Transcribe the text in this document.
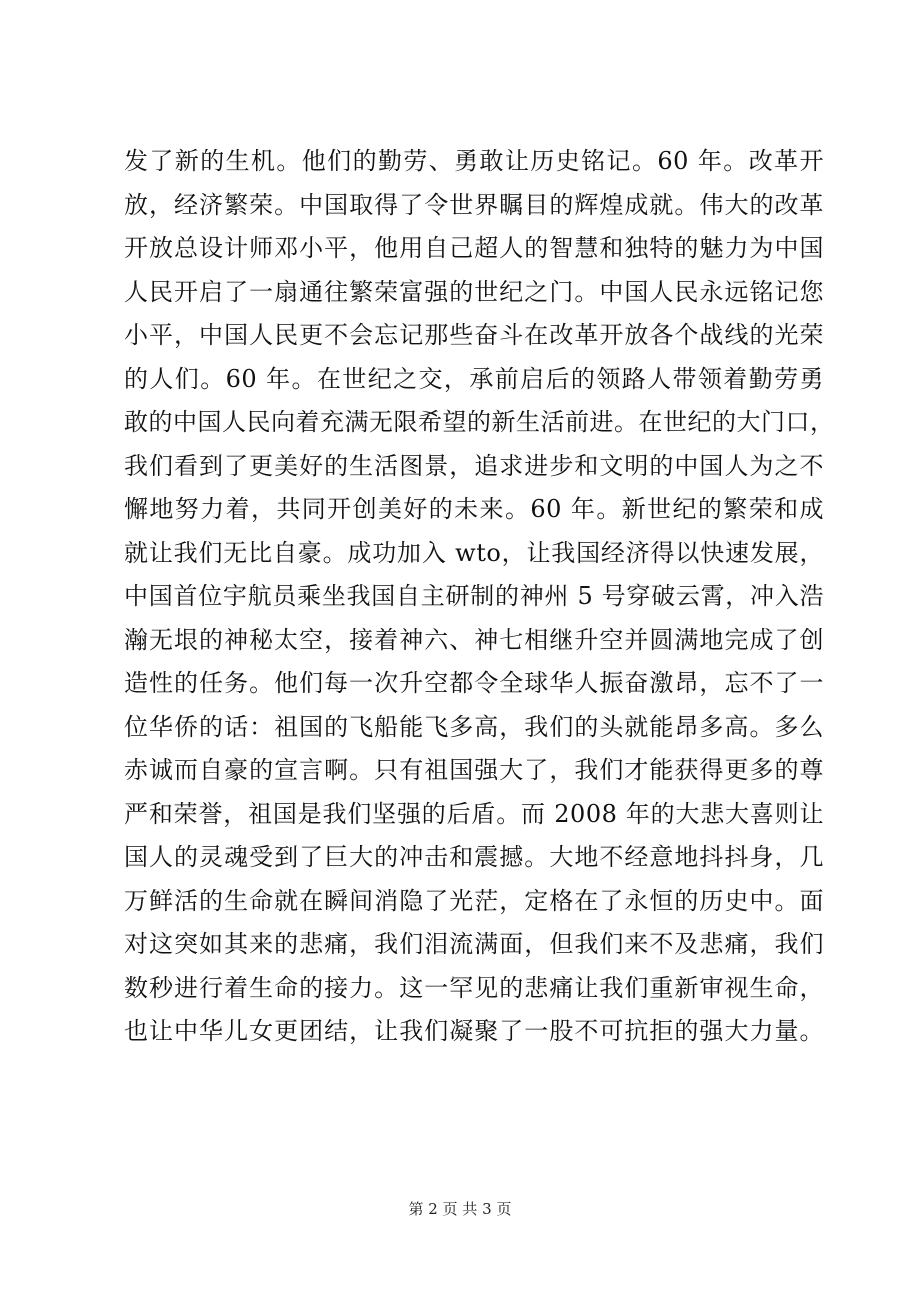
发了新的生机。他们的勤劳、勇敢让历史铭记。60 年。改革开
放，经济繁荣。中国取得了令世界瞩目的辉煌成就。伟大的改革
开放总设计师邓小平，他用自己超人的智慧和独特的魅力为中国
人民开启了一扇通往繁荣富强的世纪之门。中国人民永远铭记您
小平，中国人民更不会忘记那些奋斗在改革开放各个战线的光荣
的人们。60 年。在世纪之交，承前启后的领路人带领着勤劳勇
敢的中国人民向着充满无限希望的新生活前进。在世纪的大门口，
我们看到了更美好的生活图景，追求进步和文明的中国人为之不
懈地努力着，共同开创美好的未来。60 年。新世纪的繁荣和成
就让我们无比自豪。成功加入 wto，让我国经济得以快速发展，
中国首位宇航员乘坐我国自主研制的神州 5 号穿破云霄，冲入浩
瀚无垠的神秘太空，接着神六、神七相继升空并圆满地完成了创
造性的任务。他们每一次升空都令全球华人振奋激昂，忘不了一
位华侨的话：祖国的飞船能飞多高，我们的头就能昂多高。多么
赤诚而自豪的宣言啊。只有祖国强大了，我们才能获得更多的尊
严和荣誉，祖国是我们坚强的后盾。而 2008 年的大悲大喜则让
国人的灵魂受到了巨大的冲击和震撼。大地不经意地抖抖身，几
万鲜活的生命就在瞬间消隐了光茫，定格在了永恒的历史中。面
对这突如其来的悲痛，我们泪流满面，但我们来不及悲痛，我们
数秒进行着生命的接力。这一罕见的悲痛让我们重新审视生命，
也让中华儿女更团结，让我们凝聚了一股不可抗拒的强大力量。
第 2 页 共 3 页
